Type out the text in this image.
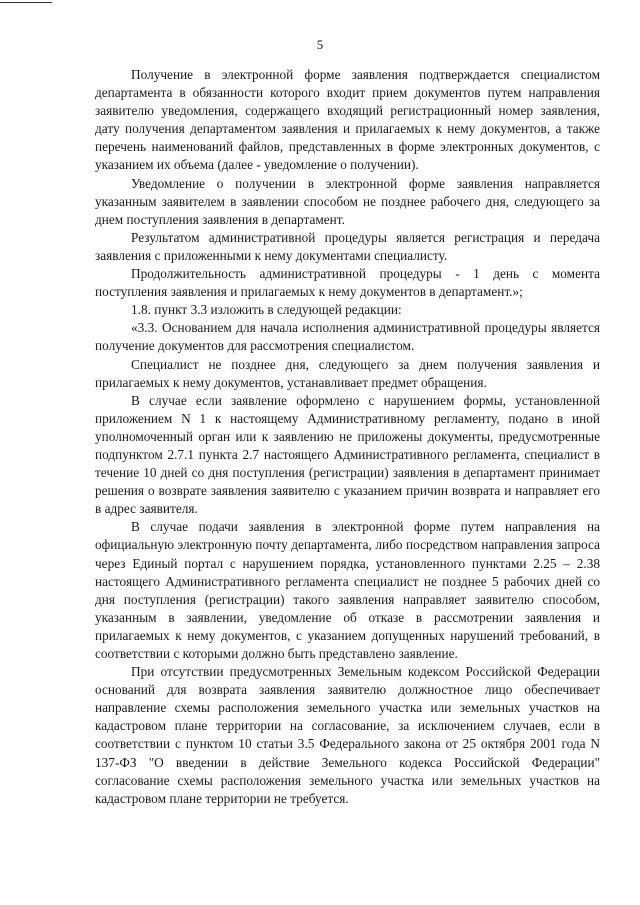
5

Получение в электронной форме заявления подтверждается специалистом департамента в обязанности которого входит прием документов путем направления заявителю уведомления, содержащего входящий регистрационный номер заявления, дату получения департаментом заявления и прилагаемых к нему документов, а также перечень наименований файлов, представленных в форме электронных документов, с указанием их объема (далее - уведомление о получении).

Уведомление о получении в электронной форме заявления направляется указанным заявителем в заявлении способом не позднее рабочего дня, следующего за днем поступления заявления в департамент.

Результатом административной процедуры является регистрация и передача заявления с приложенными к нему документами специалисту.

Продолжительность административной процедуры - 1 день с момента поступления заявления и прилагаемых к нему документов в департамент.»;

1.8. пункт 3.3 изложить в следующей редакции:

«3.3. Основанием для начала исполнения административной процедуры является получение документов для рассмотрения специалистом.

Специалист не позднее дня, следующего за днем получения заявления и прилагаемых к нему документов, устанавливает предмет обращения.

В случае если заявление оформлено с нарушением формы, установленной приложением N 1 к настоящему Административному регламенту, подано в иной уполномоченный орган или к заявлению не приложены документы, предусмотренные подпунктом 2.7.1 пункта 2.7 настоящего Административного регламента, специалист в течение 10 дней со дня поступления (регистрации) заявления в департамент принимает решения о возврате заявления заявителю с указанием причин возврата и направляет его в адрес заявителя.

В случае подачи заявления в электронной форме путем направления на официальную электронную почту департамента, либо посредством направления запроса через Единый портал с нарушением порядка, установленного пунктами 2.25 – 2.38 настоящего Административного регламента специалист не позднее 5 рабочих дней со дня поступления (регистрации) такого заявления направляет заявителю способом, указанным в заявлении, уведомление об отказе в рассмотрении заявления и прилагаемых к нему документов, с указанием допущенных нарушений требований, в соответствии с которыми должно быть представлено заявление.

При отсутствии предусмотренных Земельным кодексом Российской Федерации оснований для возврата заявления заявителю должностное лицо обеспечивает направление схемы расположения земельного участка или земельных участков на кадастровом плане территории на согласование, за исключением случаев, если в соответствии с пунктом 10 статьи 3.5 Федерального закона от 25 октября 2001 года N 137-ФЗ "О введении в действие Земельного кодекса Российской Федерации" согласование схемы расположения земельного участка или земельных участков на кадастровом плане территории не требуется.
